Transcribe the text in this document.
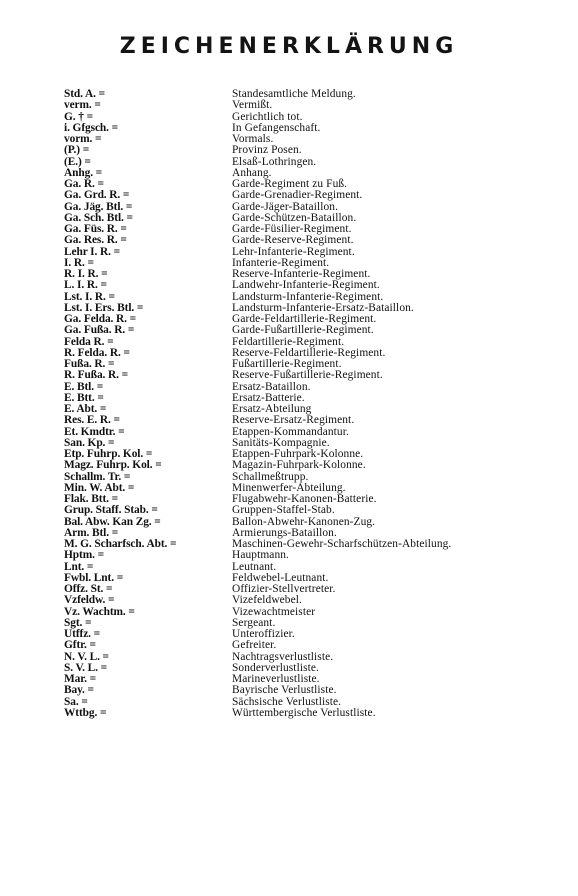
ZEICHENERKLÄRUNG
Std. A. =	Standesamtliche Meldung.
verm. =	Vermißt.
G. † =	Gerichtlich tot.
i. Gfgsch. =	In Gefangenschaft.
vorm. =	Vormals.
(P.) =	Provinz Posen.
(E.) =	Elsaß-Lothringen.
Anhg. =	Anhang.
Ga. R. =	Garde-Regiment zu Fuß.
Ga. Grd. R. =	Garde-Grenadier-Regiment.
Ga. Jäg. Btl. =	Garde-Jäger-Bataillon.
Ga. Sch. Btl. =	Garde-Schützen-Bataillon.
Ga. Füs. R. =	Garde-Füsilier-Regiment.
Ga. Res. R. =	Garde-Reserve-Regiment.
Lehr I. R. =	Lehr-Infanterie-Regiment.
I. R. =	Infanterie-Regiment.
R. I. R. =	Reserve-Infanterie-Regiment.
L. I. R. =	Landwehr-Infanterie-Regiment.
Lst. I. R. =	Landsturm-Infanterie-Regiment.
Lst. I. Ers. Btl. =	Landsturm-Infanterie-Ersatz-Bataillon.
Ga. Felda. R. =	Garde-Feldartillerie-Regiment.
Ga. Fußa. R. =	Garde-Fußartillerie-Regiment.
Felda R. =	Feldartillerie-Regiment.
R. Felda. R. =	Reserve-Feldartillerie-Regiment.
Fußa. R. =	Fußartillerie-Regiment.
R. Fußa. R. =	Reserve-Fußartillerie-Regiment.
E. Btl. =	Ersatz-Bataillon.
E. Btt. =	Ersatz-Batterie.
E. Abt. =	Ersatz-Abteilung
Res. E. R. =	Reserve-Ersatz-Regiment.
Et. Kmdtr. =	Etappen-Kommandantur.
San. Kp. =	Sanitäts-Kompagnie.
Etp. Fuhrp. Kol. =	Etappen-Fuhrpark-Kolonne.
Magz. Fuhrp. Kol. =	Magazin-Fuhrpark-Kolonne.
Schallm. Tr. =	Schallmeßtrupp.
Min. W. Abt. =	Minenwerfer-Abteilung.
Flak. Btt. =	Flugabwehr-Kanonen-Batterie.
Grup. Staff. Stab. =	Gruppen-Staffel-Stab.
Bal. Abw. Kan Zg. =	Ballon-Abwehr-Kanonen-Zug.
Arm. Btl. =	Armierungs-Bataillon.
M. G. Scharfsch. Abt. =	Maschinen-Gewehr-Scharfschützen-Abteilung.
Hptm. =	Hauptmann.
Lnt. =	Leutnant.
Fwbl. Lnt. =	Feldwebel-Leutnant.
Offz. St. =	Offizier-Stellvertreter.
Vzfeldw. =	Vizefeldwebel.
Vz. Wachtm. =	Vizewachtmeister
Sgt. =	Sergeant.
Utffz. =	Unteroffizier.
Gftr. =	Gefreiter.
N. V. L. =	Nachtragsverlustliste.
S. V. L. =	Sonderverlustliste.
Mar. =	Marineverlustliste.
Bay. =	Bayrische Verlustliste.
Sa. =	Sächsische Verlustliste.
Wttbg. =	Württembergische Verlustliste.
